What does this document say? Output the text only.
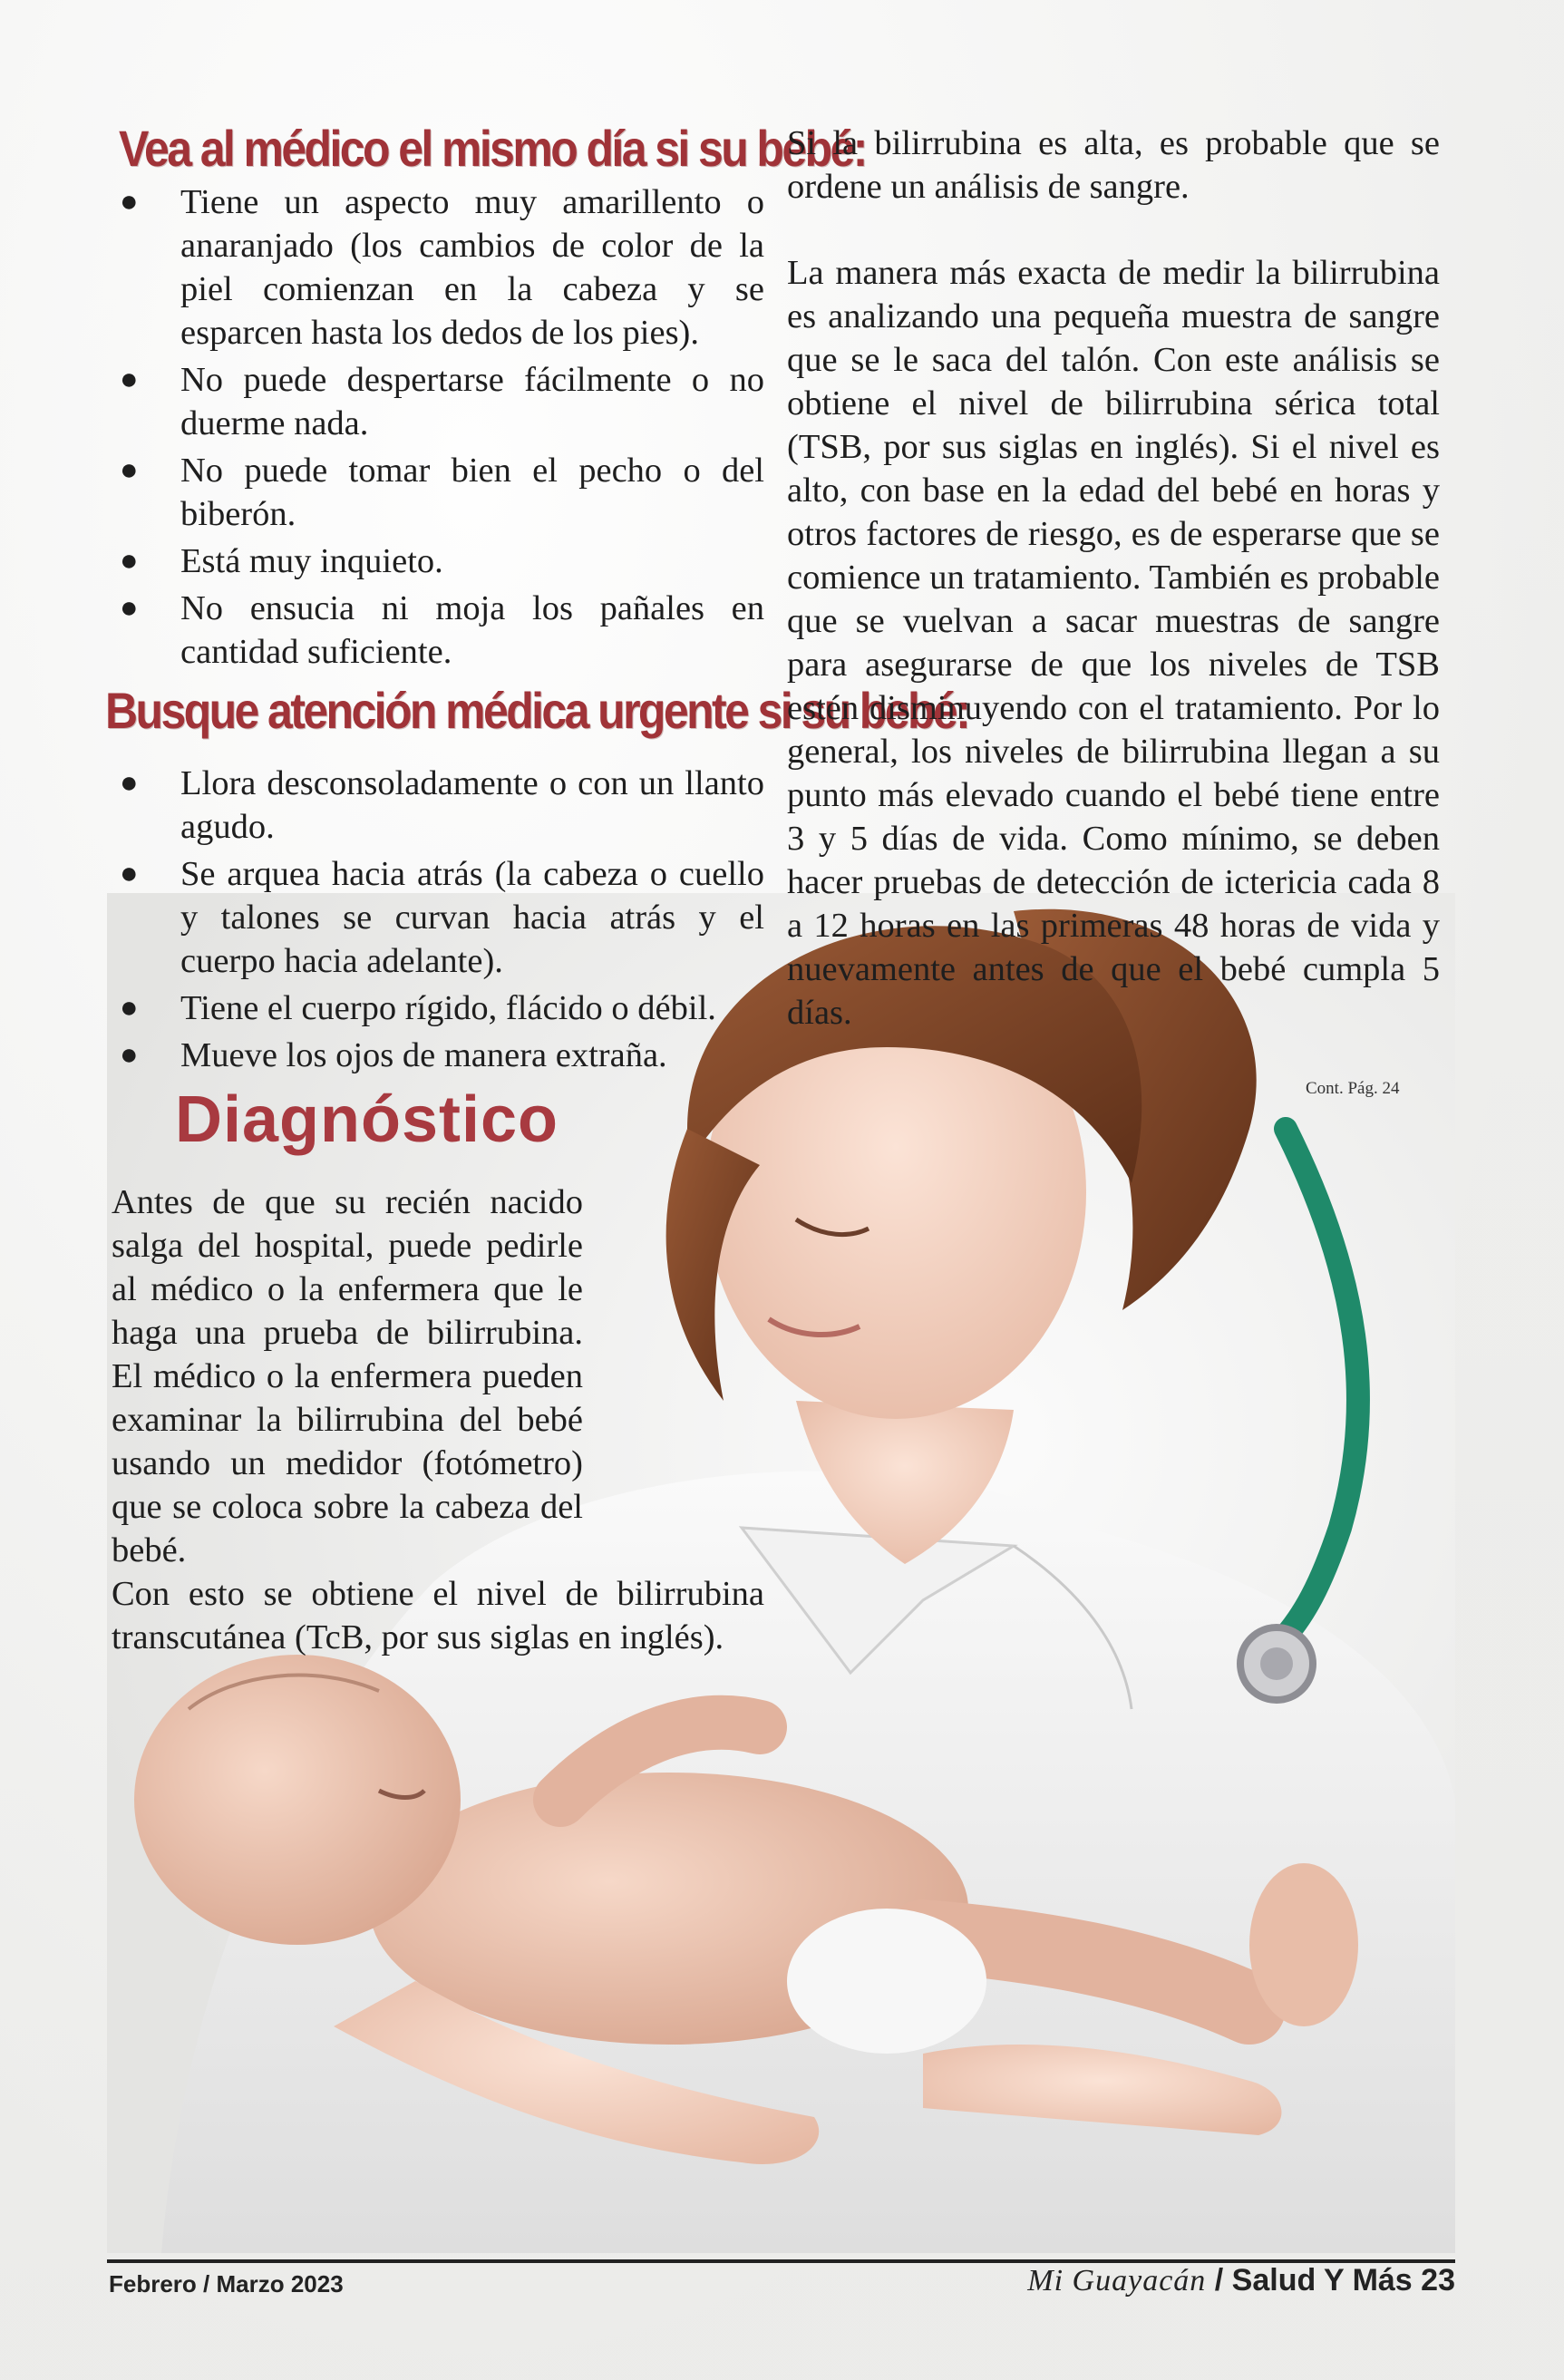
Vea al médico el mismo día si su bebé:
● Tiene un aspecto muy amarillento o anaranjado (los cambios de color de la piel comienzan en la cabeza y se esparcen hasta los dedos de los pies).
● No puede despertarse fácilmente o no duerme nada.
● No puede tomar bien el pecho o del biberón.
● Está muy inquieto.
● No ensucia ni moja los pañales en cantidad suficiente.
Busque atención médica urgente si su bebé:
● Llora desconsoladamente o con un llanto agudo.
● Se arquea hacia atrás (la cabeza o cuello y talones se curvan hacia atrás y el cuerpo hacia adelante).
● Tiene el cuerpo rígido, flácido o débil.
● Mueve los ojos de manera extraña.

Si la bilirrubina es alta, es probable que se ordene un análisis de sangre.

La manera más exacta de medir la bilirrubina es analizando una pequeña muestra de sangre que se le saca del talón. Con este análisis se obtiene el nivel de bilirrubina sérica total (TSB, por sus siglas en inglés). Si el nivel es alto, con base en la edad del bebé en horas y otros factores de riesgo, es de esperarse que se comience un tratamiento. También es probable que se vuelvan a sacar muestras de sangre para asegurarse de que los niveles de TSB estén disminuyendo con el tratamiento. Por lo general, los niveles de bilirrubina llegan a su punto más elevado cuando el bebé tiene entre 3 y 5 días de vida. Como mínimo, se deben hacer pruebas de detección de ictericia cada 8 a 12 horas en las primeras 48 horas de vida y nuevamente antes de que el bebé cumpla 5 días.

Cont. Pág. 24
Diagnóstico

Antes de que su recién nacido salga del hospital, puede pedirle al médico o la enfermera que le haga una prueba de bilirrubina. El médico o la enfermera pueden examinar la bilirrubina del bebé usando un medidor (fotómetro) que se coloca sobre la cabeza del bebé.

Con esto se obtiene el nivel de bilirrubina transcutánea (TcB, por sus siglas en inglés).

Febrero / Marzo 2023	Mi Guayacán / Salud Y Más 23
